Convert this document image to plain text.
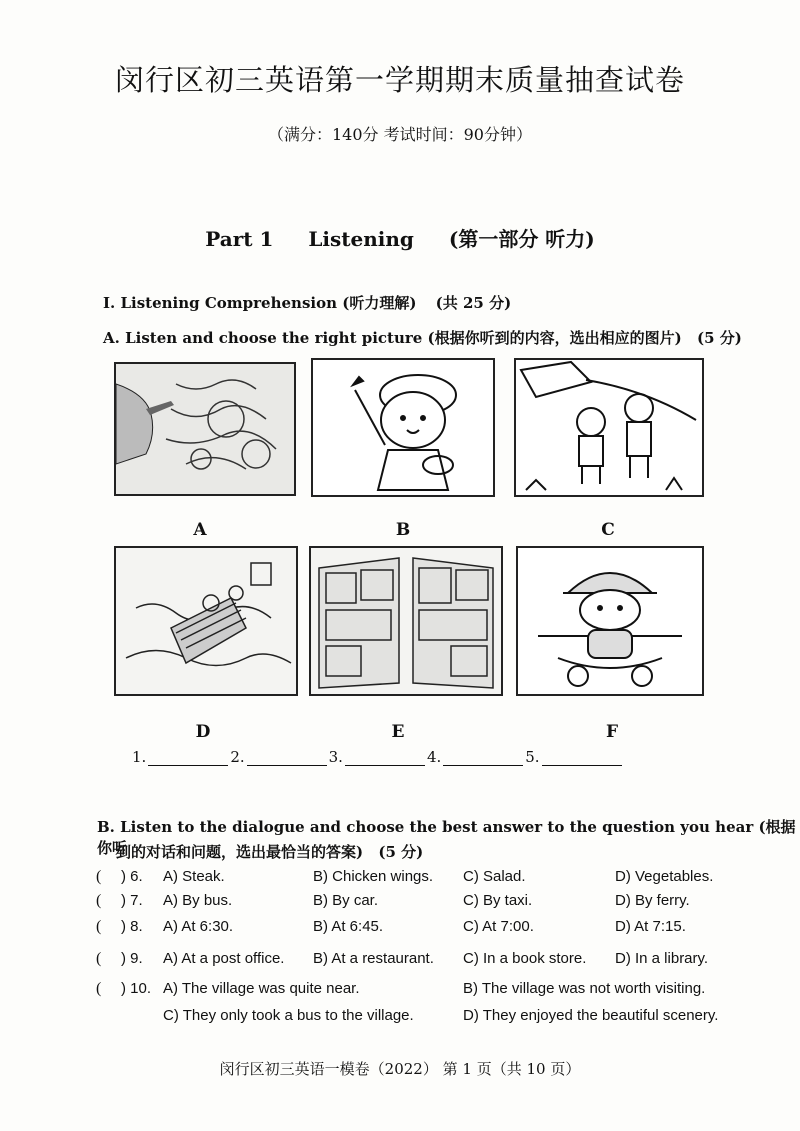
闵行区初三英语第一学期期末质量抽查试卷
（满分：140分 考试时间：90分钟）
Part 1 Listening (第一部分 听力)
I. Listening Comprehension (听力理解) (共 25 分)
A. Listen and choose the right picture (根据你听到的内容，选出相应的图片) (5 分)
A	B	C
D	E	F
1.	2.	3.	4.	5.
B. Listen to the dialogue and choose the best answer to the question you hear (根据你听
到的对话和问题，选出最恰当的答案) (5 分)
( ) 6. A) Steak.	B) Chicken wings. C) Salad.	D) Vegetables.
( ) 7. A) By bus.	B) By car.	C) By taxi.	D) By ferry.
( ) 8. A) At 6:30.	B) At 6:45.	C) At 7:00.	D) At 7:15.
( ) 9. A) At a post office. B) At a restaurant. C) In a book store. D) In a library.
( ) 10. A) The village was quite near.	B) The village was not worth visiting.
C) They only took a bus to the village.	D) They enjoyed the beautiful scenery.
闵行区初三英语一模卷（2022） 第 1 页（共 10 页）
